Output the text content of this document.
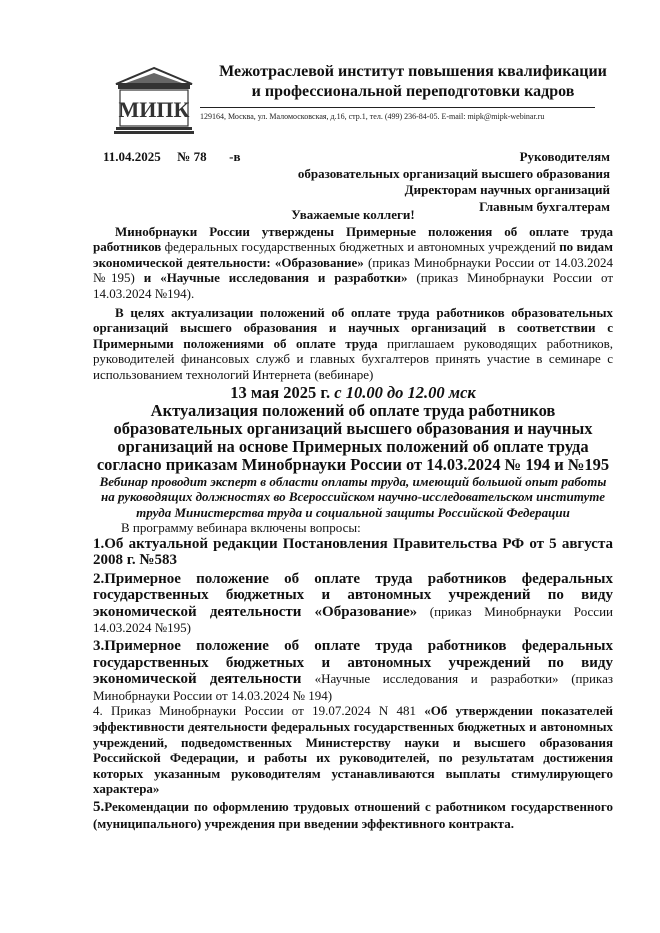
МИПК
Межотраслевой институт повышения квалификации
и профессиональной переподготовки кадров
129164, Москва, ул. Маломосковская, д.16, стр.1, тел. (499) 236-84-05. E-mail: mipk@mipk-webinar.ru
11.04.2025 № 78 -в	Руководителям
образовательных организаций высшего образования
Директорам научных организаций
Главным бухгалтерам

Уважаемые коллеги!

Минобрнауки России утверждены Примерные положения об оплате труда работников федеральных государственных бюджетных и автономных учреждений по видам экономической деятельности: «Образование» (приказ Минобрнауки России от 14.03.2024 №195) и «Научные исследования и разработки» (приказ Минобрнауки России от 14.03.2024 №194).

В целях актуализации положений об оплате труда работников образовательных организаций высшего образования и научных организаций в соответствии с Примерными положениями об оплате труда приглашаем руководящих работников, руководителей финансовых служб и главных бухгалтеров принять участие в семинаре с использованием технологий Интернета (вебинаре)

13 мая 2025 г. с 10.00 до 12.00 мск

Актуализация положений об оплате труда работников образовательных организаций высшего образования и научных организаций на основе Примерных положений об оплате труда согласно приказам Минобрнауки России от 14.03.2024 № 194 и №195

Вебинар проводит эксперт в области оплаты труда, имеющий большой опыт работы на руководящих должностях во Всероссийском научно-исследовательском институте труда Министерства труда и социальной защиты Российской Федерации

В программу вебинара включены вопросы:

1.Об актуальной редакции Постановления Правительства РФ от 5 августа 2008 г. №583

2.Примерное положение об оплате труда работников федеральных государственных бюджетных и автономных учреждений по виду экономической деятельности «Образование» (приказ Минобрнауки России 14.03.2024 №195)

3.Примерное положение об оплате труда работников федеральных государственных бюджетных и автономных учреждений по виду экономической деятельности «Научные исследования и разработки» (приказ Минобрнауки России от 14.03.2024 № 194)

4. Приказ Минобрнауки России от 19.07.2024 N 481 «Об утверждении показателей эффективности деятельности федеральных государственных бюджетных и автономных учреждений, подведомственных Министерству науки и высшего образования Российской Федерации, и работы их руководителей, по результатам достижения которых указанным руководителям устанавливаются выплаты стимулирующего характера»

5.Рекомендации по оформлению трудовых отношений с работником государственного (муниципального) учреждения при введении эффективного контракта.
